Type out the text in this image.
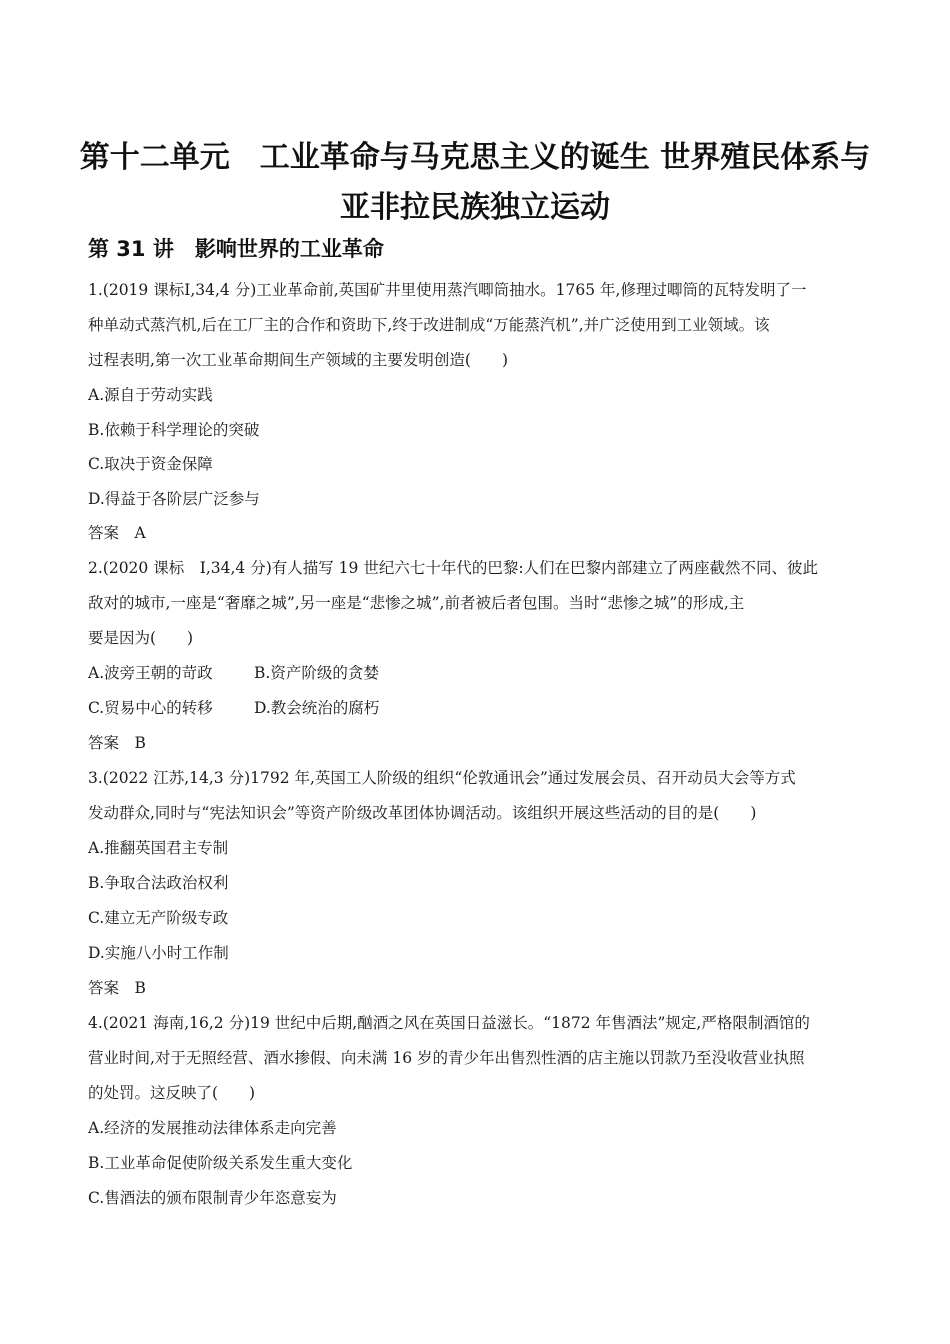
第十二单元　工业革命与马克思主义的诞生 世界殖民体系与
亚非拉民族独立运动
第 31 讲　影响世界的工业革命
1.(2019 课标Ⅰ,34,4 分)工业革命前,英国矿井里使用蒸汽唧筒抽水。1765 年,修理过唧筒的瓦特发明了一
种单动式蒸汽机,后在工厂主的合作和资助下,终于改进制成“万能蒸汽机”,并广泛使用到工业领域。该
过程表明,第一次工业革命期间生产领域的主要发明创造(　　)
A.源自于劳动实践
B.依赖于科学理论的突破
C.取决于资金保障
D.得益于各阶层广泛参与
答案　A
2.(2020 课标　Ⅰ,34,4 分)有人描写 19 世纪六七十年代的巴黎:人们在巴黎内部建立了两座截然不同、彼此
敌对的城市,一座是“奢靡之城”,另一座是“悲惨之城”,前者被后者包围。当时“悲惨之城”的形成,主
要是因为(　　)
A.波旁王朝的苛政	B.资产阶级的贪婪
C.贸易中心的转移	D.教会统治的腐朽
答案　B
3.(2022 江苏,14,3 分)1792 年,英国工人阶级的组织“伦敦通讯会”通过发展会员、召开动员大会等方式
发动群众,同时与“宪法知识会”等资产阶级改革团体协调活动。该组织开展这些活动的目的是(　　)
A.推翻英国君主专制
B.争取合法政治权利
C.建立无产阶级专政
D.实施八小时工作制
答案　B
4.(2021 海南,16,2 分)19 世纪中后期,酗酒之风在英国日益滋长。“1872 年售酒法”规定,严格限制酒馆的
营业时间,对于无照经营、酒水掺假、向未满 16 岁的青少年出售烈性酒的店主施以罚款乃至没收营业执照
的处罚。这反映了(　　)
A.经济的发展推动法律体系走向完善
B.工业革命促使阶级关系发生重大变化
C.售酒法的颁布限制青少年恣意妄为
